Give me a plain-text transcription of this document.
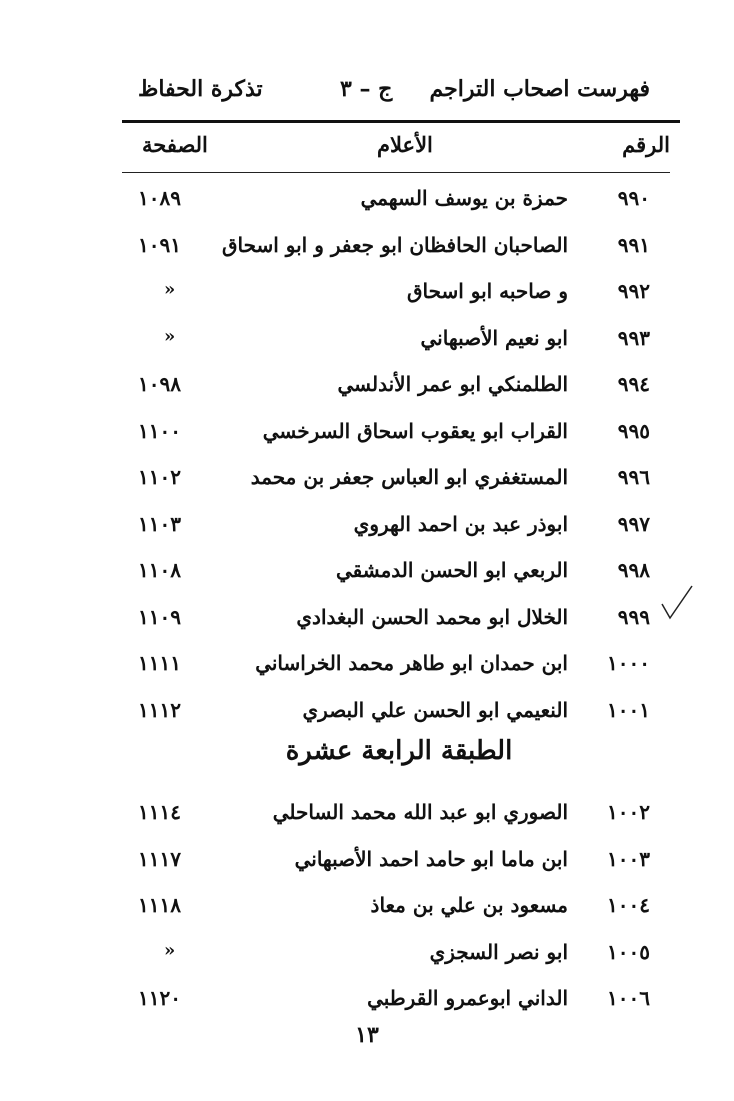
فهرست اصحاب التراجم
ج – ٣
تذكرة الحفاظ
الرقم
الأعلام
الصفحة
٩٩٠
حمزة بن يوسف السهمي
١٠٨٩
٩٩١
الصاحبان الحافظان ابو جعفر و ابو اسحاق
١٠٩١
٩٩٢
و صاحبه ابو اسحاق
»
٩٩٣
ابو نعيم الأصبهاني
»
٩٩٤
الطلمنكي ابو عمر الأندلسي
١٠٩٨
٩٩٥
القراب ابو يعقوب اسحاق السرخسي
١١٠٠
٩٩٦
المستغفري ابو العباس جعفر بن محمد
١١٠٢
٩٩٧
ابوذر عبد بن احمد الهروي
١١٠٣
٩٩٨
الربعي ابو الحسن الدمشقي
١١٠٨
٩٩٩
الخلال ابو محمد الحسن البغدادي
١١٠٩
١٠٠٠
ابن حمدان ابو طاهر محمد الخراساني
١١١١
١٠٠١
النعيمي ابو الحسن علي البصري
١١١٢
الطبقة الرابعة عشرة
١٠٠٢
الصوري ابو عبد الله محمد الساحلي
١١١٤
١٠٠٣
ابن ماما ابو حامد احمد الأصبهاني
١١١٧
١٠٠٤
مسعود بن علي بن معاذ
١١١٨
١٠٠٥
ابو نصر السجزي
»
١٠٠٦
الداني ابوعمرو القرطبي
١١٢٠
١٣
